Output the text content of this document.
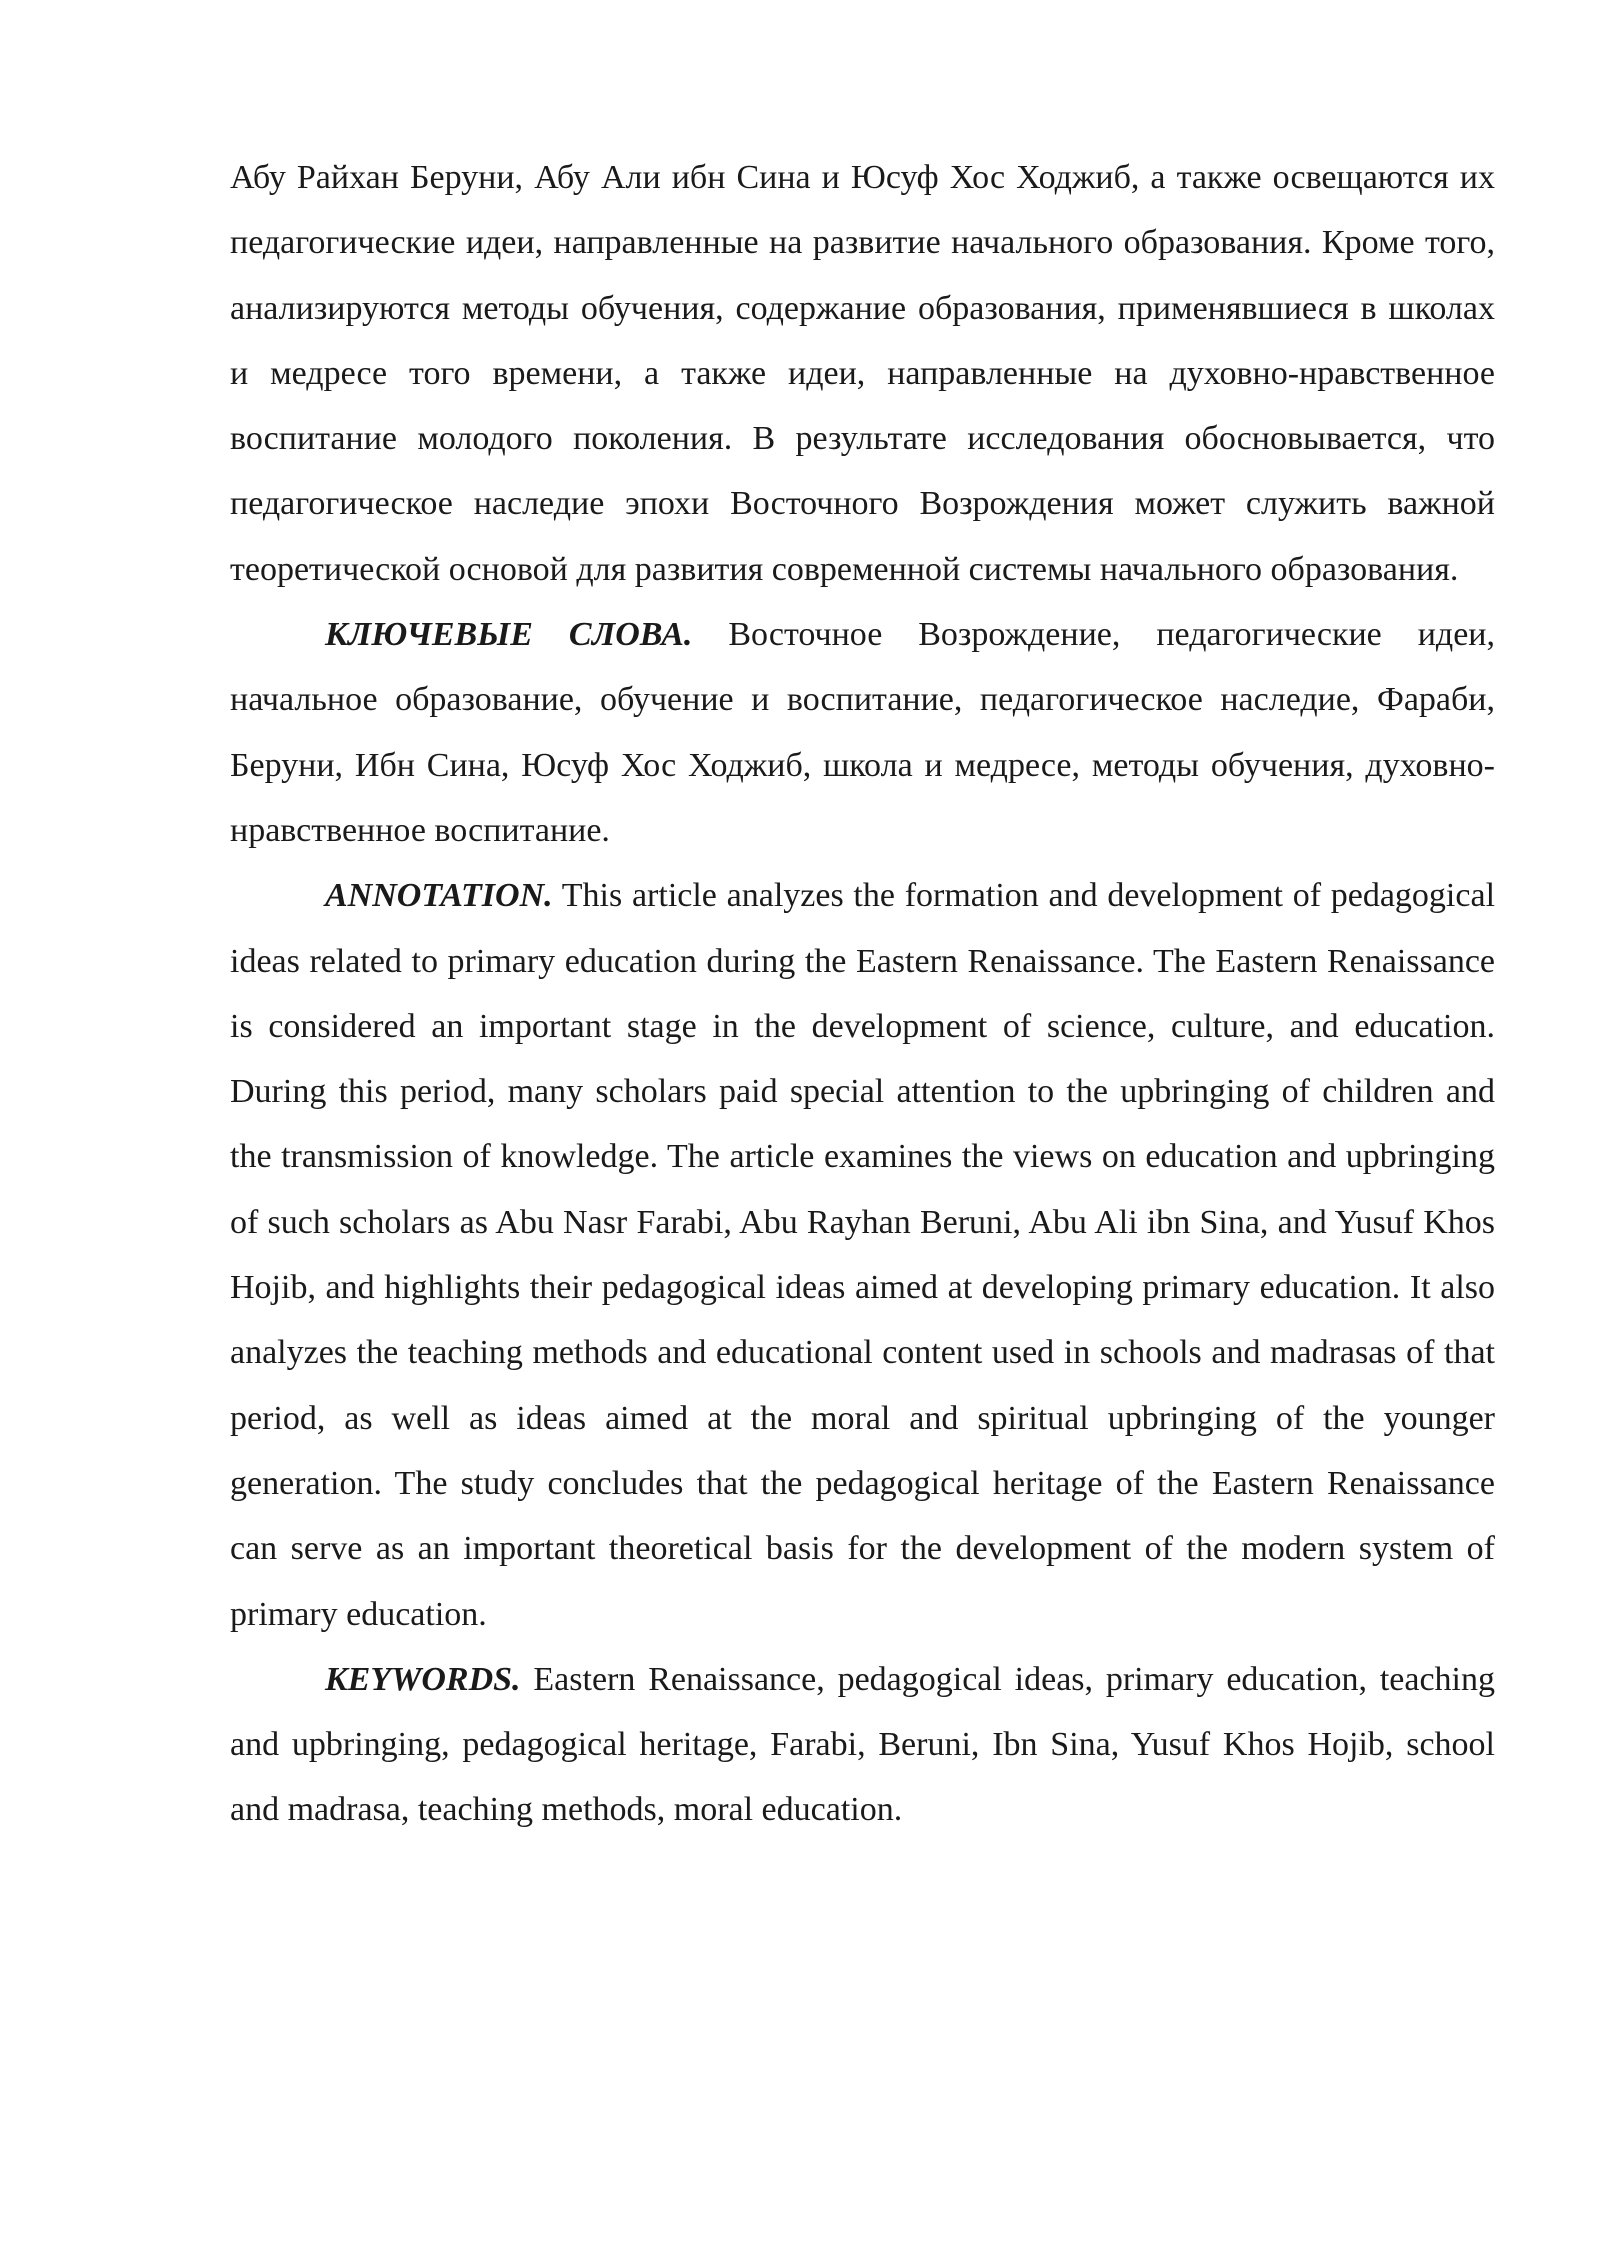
Абу Райхан Беруни, Абу Али ибн Сина и Юсуф Хос Ходжиб, а также освещаются их педагогические идеи, направленные на развитие начального образования. Кроме того, анализируются методы обучения, содержание образования, применявшиеся в школах и медресе того времени, а также идеи, направленные на духовно-нравственное воспитание молодого поколения. В результате исследования обосновывается, что педагогическое наследие эпохи Восточного Возрождения может служить важной теоретической основой для развития современной системы начального образования.

КЛЮЧЕВЫЕ СЛОВА. Восточное Возрождение, педагогические идеи, начальное образование, обучение и воспитание, педагогическое наследие, Фараби, Беруни, Ибн Сина, Юсуф Хос Ходжиб, школа и медресе, методы обучения, духовно-нравственное воспитание.

ANNOTATION. This article analyzes the formation and development of pedagogical ideas related to primary education during the Eastern Renaissance. The Eastern Renaissance is considered an important stage in the development of science, culture, and education. During this period, many scholars paid special attention to the upbringing of children and the transmission of knowledge. The article examines the views on education and upbringing of such scholars as Abu Nasr Farabi, Abu Rayhan Beruni, Abu Ali ibn Sina, and Yusuf Khos Hojib, and highlights their pedagogical ideas aimed at developing primary education. It also analyzes the teaching methods and educational content used in schools and madrasas of that period, as well as ideas aimed at the moral and spiritual upbringing of the younger generation. The study concludes that the pedagogical heritage of the Eastern Renaissance can serve as an important theoretical basis for the development of the modern system of primary education.

KEYWORDS. Eastern Renaissance, pedagogical ideas, primary education, teaching and upbringing, pedagogical heritage, Farabi, Beruni, Ibn Sina, Yusuf Khos Hojib, school and madrasa, teaching methods, moral education.
